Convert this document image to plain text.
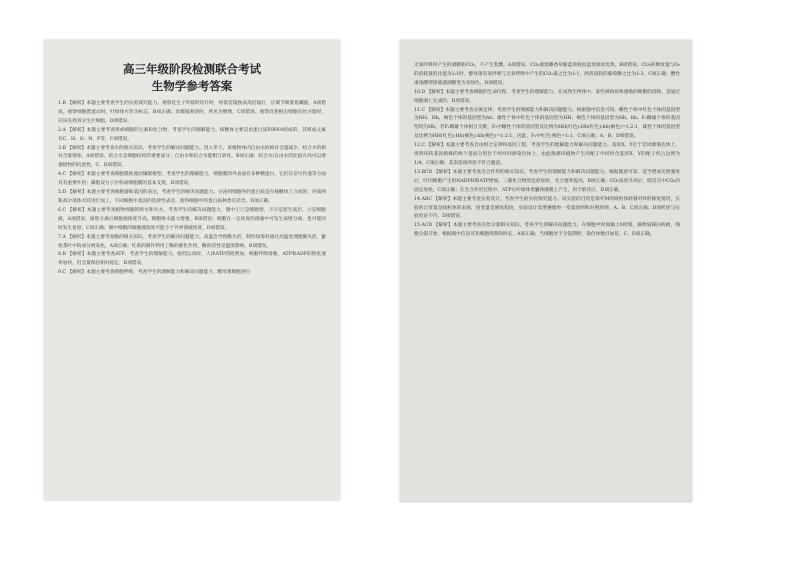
高三年级阶段检测联合考试
生物学参考答案
1.B 【解析】本题主要考查学生的实验探究能力。观察花生子叶临时切片时，将低倍镜换成高倍镜后，应调节细准焦螺旋，A项错误。观察细胞質流动时，叶绿体可作为标志，B项正确；显微镜观察时，所见为倒像，C项错误。观察洋葱根尖细胞有丝分裂时，应该先找到分生区细胞，D项错误。
2.A 【解析】本题主要考查组成细胞的元素和化合物，考查学生的理解能力。核糖体主要是由蛋白质和RNA组成的，其组成元素有C、H、O、N、P等，C项错误。
3.B 【解析】本题主要考查水的相关知识，考查学生的解决问题能力。进入冬天，该植物体内自由水的相对含量减少，结合水的相对含量增加，A项错误。结合水是细胞结构的重要成分；自由水和结合水能相互转化，B项正确；结合水/自由水的比值升高可以增强植物的抗逆性，C、D项错误。
4.C 【解析】本题主要考查细胞膜的流动镶嵌模型，考查学生的理解能力。细胞膜的外表面有多种糖蛋白，它们在信号传递等方面具有重要作用；磷脂双分子层构成细胞膜的基本支架，D项错误。
5.D 【解析】本题主要考查细胞器和基因的表达，考查学生的解决问题能力。分泌到细胞外的蛋白质是在核糖体上合成的，内质网和高尔基体对其进行加工，不同细胞中基因的选择性表达，使得细胞中的蛋白质种类有差异，D项正确。
6.C 【解析】本题主要考查植物细胞的吸水和失水，考查学生的解决问题能力。图中①②是细胞壁，③④是原生质层，⑤是细胞液，A项错误。质壁分离后细胞液浓度升高，细胞吸水能力增强，B项错误；细胞在一定浓度的溶液中可发生质壁分离，也可能同时发生复原，C项正确；图中细胞的细胞液浓度可能小于外界溶液浓度，D项错误。
7.A 【解析】本题主要考查酶的相关知识，考查学生的解决问题能力。高温会导致酶失活，制作绿茶时通过高温处理使酶失活，避免茶叶中的成分被氧化，A项正确；红茶的制作利用了酶的催化作用，酶的活性受温度影响，B项错误。
8.B 【解析】本题主要考查ATP，考查学生的理解能力。剧烈运动时，人体ATP消耗增加，细胞呼吸增强，ATP和ADP的转化速率加快，但含量保持相对稳定，B项错误。
9.C 【解析】本题主要考查细胞呼吸，考查学生的理解能力和解决问题能力。酵母菌细胞进行
无氧呼吸时产生的酒精和CO₂，不产生乳酸，A项错误。CO₂使溴麝香草酚蓝溶液由蓝变绿再变黄，B项错误。CO₂的释放量与O₂的消耗量的比值为2:1时，酵母菌有氧呼吸与无氧呼吸中产生的CO₂量之比为1:1，两者消耗的葡萄糖之比为1:3，C项正确；酸性重铬酸钾溶液遇酒精变为灰绿色，D项错误。
10.D 【解析】本题主要考查细胞的生命历程，考查学生的理解能力。在成熟生物体中，某些被病原体感染的细胞的清除，是通过细胞凋亡完成的，D项错误。
11.C 【解析】本题主要考查分离定律，考查学生的理解能力和解决问题能力。根据题中信息可知，雌性个体中红色个体的基因型为HH、Hh，褐色个体的基因型为hh；雄性个体中红色个体的基因型为HH，褐色个体的基因型为Hh、hh。F₁雌雄个体的基因型均为Hh，若F₁雌雄个体相互交配，F₂中雌性个体的基因型及比例为HH(红色):Hh(红色):hh(褐色)=1:2:1，雄性个体的基因型及比例为HH(红色):Hh(褐色):hh(褐色)=1:2:1，因此，F₂中红色:褐色=1:1，C项正确；A、B、D项错误。
12.C 【解析】本题主要考查自由组合定律和基因工程，考查学生的理解能力和解决问题能力。基因X、Y位于非同源染色体上，说明该转基因植株的两个基因分别位于两对同源染色体上，由此推测该植物产生的配子中同时含基因X、Y的配子所占比例为1/4，C项正确；其余选项所述不符合题意。
13.BCD 【解析】本题主要考查光合作用的相关知识，考查学生的理解能力和解决问题能力。根据题意可知，适当增加光照强度后，叶肉细胞产生的NADPH和ATP增加，三碳化合物的还原加快，光合速率提高，B项正确；CO₂浓度升高后，暗反应中CO₂的固定加快，C项正确；在光合作用过程中，ATP在叶绿体类囊体薄膜上产生，用于暗反应，D项正确。
14.ABC 【解析】本题主要考查实验设计，考查学生的实验探究能力。该实验的目的是探究M的线粒体转移对N的修复情况，实验的自变量是线粒体的来源，因变量是修复程度，实验设计需要遵循单一变量原则和对照原则，A、B、C项正确；D项所述与实验结论不符，D项错误。
15.ACD 【解析】本题主要考查有丝分裂相关知识，考查学生的解决问题能力。在细胞中时间轴上0时刻，核物质移向两极，细胞分裂开始，根据图中信息可知细胞周期的时长，A项正确；当细胞处于分裂期时，染色体数目加倍，C、D项正确。
